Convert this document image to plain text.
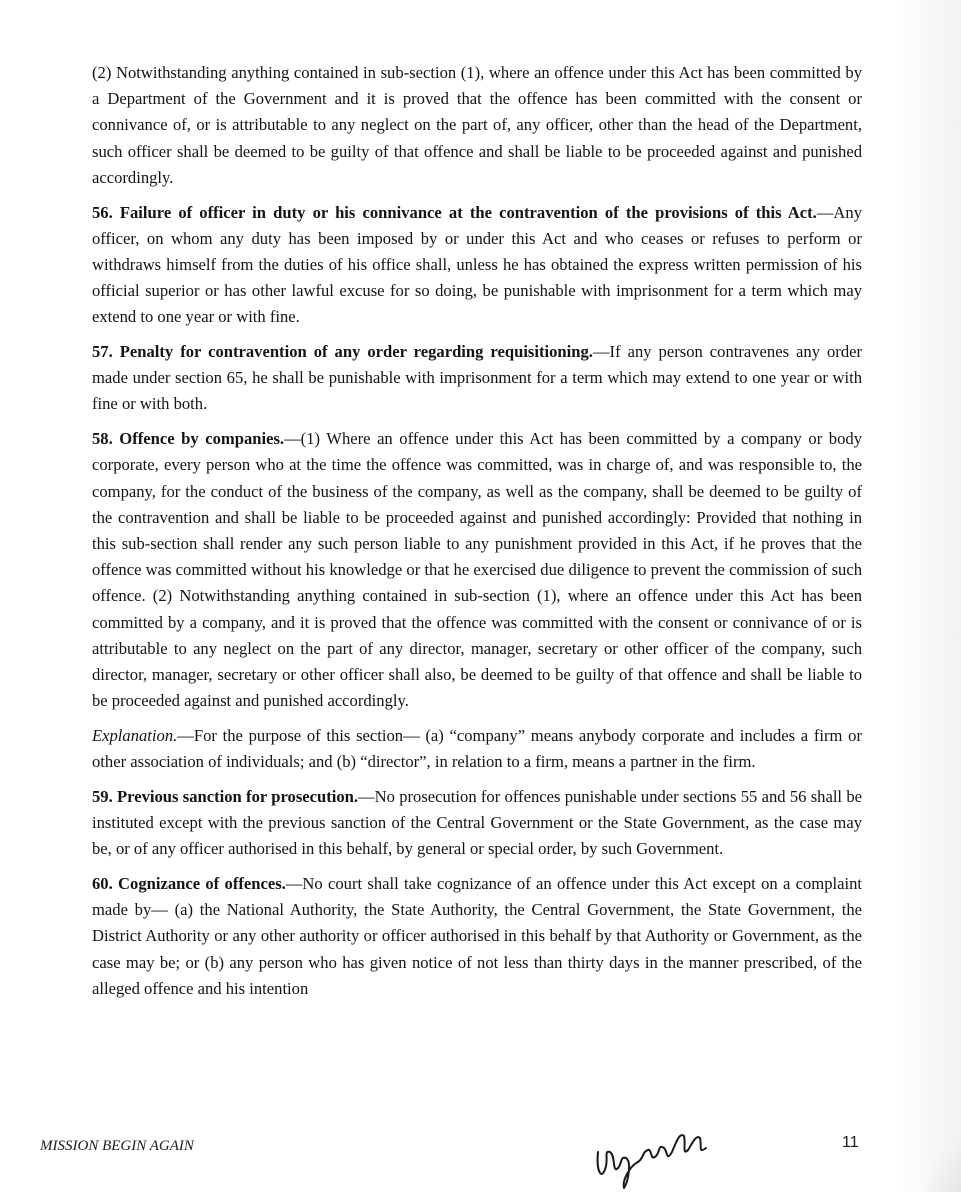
(2) Notwithstanding anything contained in sub-section (1), where an offence under this Act has been committed by a Department of the Government and it is proved that the offence has been committed with the consent or connivance of, or is attributable to any neglect on the part of, any officer, other than the head of the Department, such officer shall be deemed to be guilty of that offence and shall be liable to be proceeded against and punished accordingly.

56. Failure of officer in duty or his connivance at the contravention of the provisions of this Act.—Any officer, on whom any duty has been imposed by or under this Act and who ceases or refuses to perform or withdraws himself from the duties of his office shall, unless he has obtained the express written permission of his official superior or has other lawful excuse for so doing, be punishable with imprisonment for a term which may extend to one year or with fine.

57. Penalty for contravention of any order regarding requisitioning.—If any person contravenes any order made under section 65, he shall be punishable with imprisonment for a term which may extend to one year or with fine or with both.

58. Offence by companies.—(1) Where an offence under this Act has been committed by a company or body corporate, every person who at the time the offence was committed, was in charge of, and was responsible to, the company, for the conduct of the business of the company, as well as the company, shall be deemed to be guilty of the contravention and shall be liable to be proceeded against and punished accordingly: Provided that nothing in this sub-section shall render any such person liable to any punishment provided in this Act, if he proves that the offence was committed without his knowledge or that he exercised due diligence to prevent the commission of such offence. (2) Notwithstanding anything contained in sub-section (1), where an offence under this Act has been committed by a company, and it is proved that the offence was committed with the consent or connivance of or is attributable to any neglect on the part of any director, manager, secretary or other officer of the company, such director, manager, secretary or other officer shall also, be deemed to be guilty of that offence and shall be liable to be proceeded against and punished accordingly.

Explanation.—For the purpose of this section— (a) “company” means anybody corporate and includes a firm or other association of individuals; and (b) “director”, in relation to a firm, means a partner in the firm.

59. Previous sanction for prosecution.—No prosecution for offences punishable under sections 55 and 56 shall be instituted except with the previous sanction of the Central Government or the State Government, as the case may be, or of any officer authorised in this behalf, by general or special order, by such Government.

60. Cognizance of offences.—No court shall take cognizance of an offence under this Act except on a complaint made by— (a) the National Authority, the State Authority, the Central Government, the State Government, the District Authority or any other authority or officer authorised in this behalf by that Authority or Government, as the case may be; or (b) any person who has given notice of not less than thirty days in the manner prescribed, of the alleged offence and his intention

MISSION BEGIN AGAIN	11
